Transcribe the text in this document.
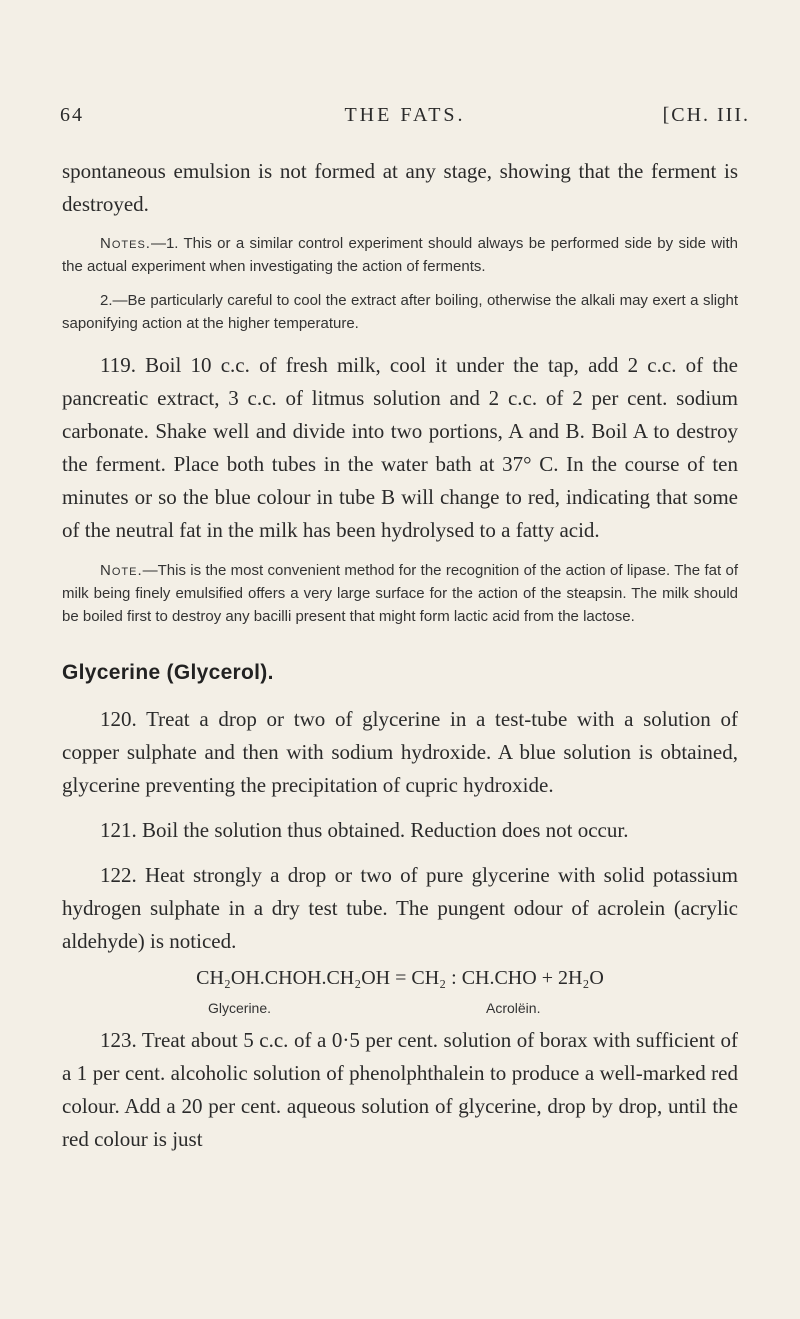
64	THE FATS.	[CH. III.

spontaneous emulsion is not formed at any stage, showing that the ferment is destroyed.

Notes.—1. This or a similar control experiment should always be performed side by side with the actual experiment when investigating the action of ferments.

2.—Be particularly careful to cool the extract after boiling, otherwise the alkali may exert a slight saponifying action at the higher temperature.

119. Boil 10 c.c. of fresh milk, cool it under the tap, add 2 c.c. of the pancreatic extract, 3 c.c. of litmus solution and 2 c.c. of 2 per cent. sodium carbonate. Shake well and divide into two portions, A and B. Boil A to destroy the ferment. Place both tubes in the water bath at 37° C. In the course of ten minutes or so the blue colour in tube B will change to red, indicating that some of the neutral fat in the milk has been hydrolysed to a fatty acid.

Note.—This is the most convenient method for the recognition of the action of lipase. The fat of milk being finely emulsified offers a very large surface for the action of the steapsin. The milk should be boiled first to destroy any bacilli present that might form lactic acid from the lactose.

Glycerine (Glycerol).

120. Treat a drop or two of glycerine in a test-tube with a solution of copper sulphate and then with sodium hydroxide. A blue solution is obtained, glycerine preventing the precipitation of cupric hydroxide.

121. Boil the solution thus obtained. Reduction does not occur.

122. Heat strongly a drop or two of pure glycerine with solid potassium hydrogen sulphate in a dry test tube. The pungent odour of acrolein (acrylic aldehyde) is noticed.

CH₂OH.CHOH.CH₂OH = CH₂ : CH.CHO + 2H₂O
Glycerine.	Acrolëin.

123. Treat about 5 c.c. of a 0·5 per cent. solution of borax with sufficient of a 1 per cent. alcoholic solution of phenolphthalein to produce a well-marked red colour. Add a 20 per cent. aqueous solution of glycerine, drop by drop, until the red colour is just
